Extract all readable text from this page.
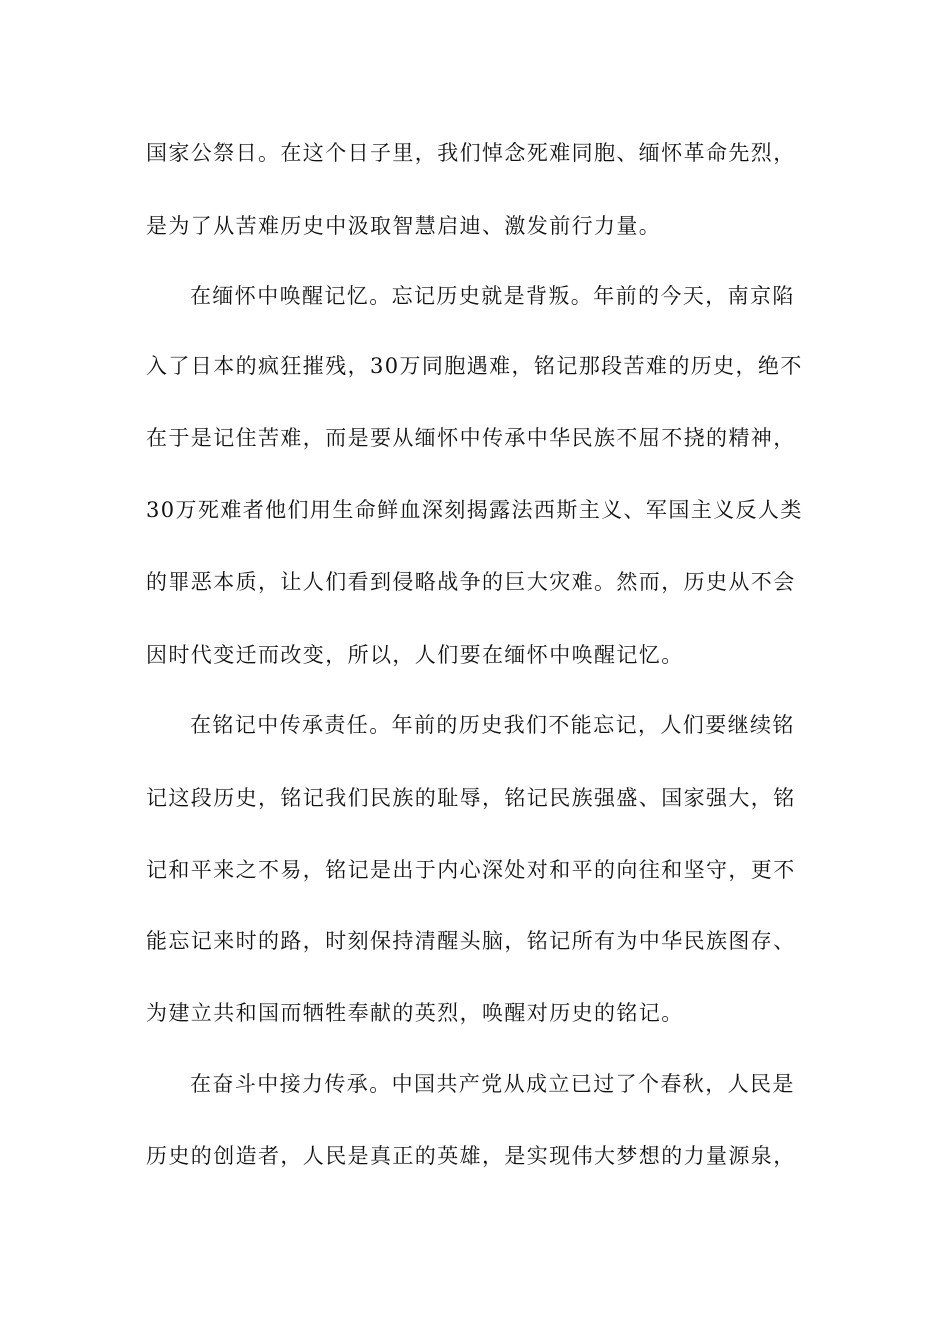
国家公祭日。在这个日子里，我们悼念死难同胞、缅怀革命先烈，
是为了从苦难历史中汲取智慧启迪、激发前行力量。
在缅怀中唤醒记忆。忘记历史就是背叛。年前的今天，南京陷
入了日本的疯狂摧残，30万同胞遇难，铭记那段苦难的历史，绝不
在于是记住苦难，而是要从缅怀中传承中华民族不屈不挠的精神，
30万死难者他们用生命鲜血深刻揭露法西斯主义、军国主义反人类
的罪恶本质，让人们看到侵略战争的巨大灾难。然而，历史从不会
因时代变迁而改变，所以，人们要在缅怀中唤醒记忆。
在铭记中传承责任。年前的历史我们不能忘记，人们要继续铭
记这段历史，铭记我们民族的耻辱，铭记民族强盛、国家强大，铭
记和平来之不易，铭记是出于内心深处对和平的向往和坚守，更不
能忘记来时的路，时刻保持清醒头脑，铭记所有为中华民族图存、
为建立共和国而牺牲奉献的英烈，唤醒对历史的铭记。
在奋斗中接力传承。中国共产党从成立已过了个春秋，人民是
历史的创造者，人民是真正的英雄，是实现伟大梦想的力量源泉，
